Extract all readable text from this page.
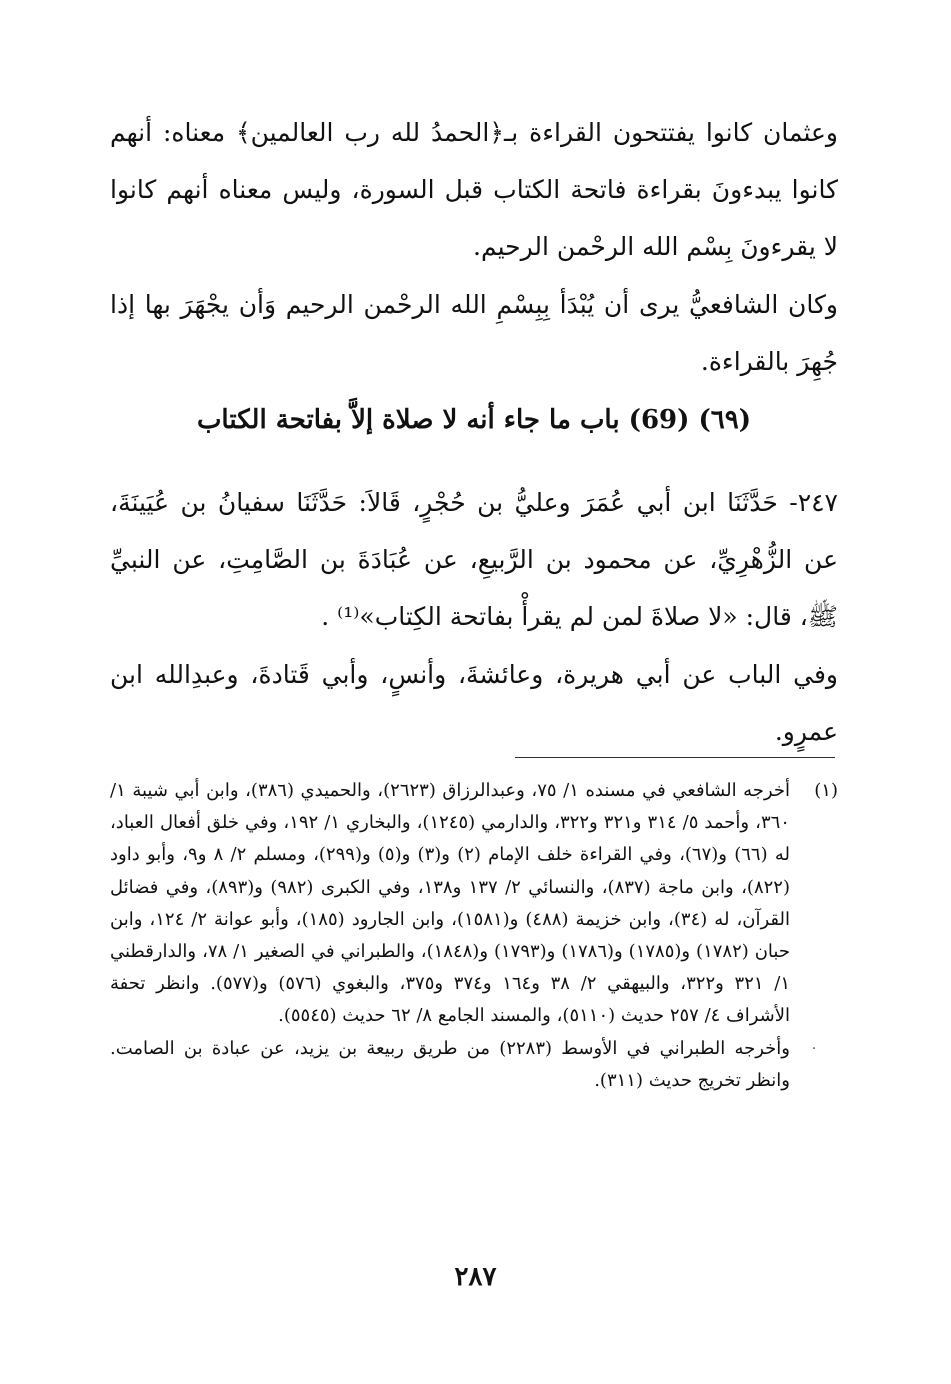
وعثمان كانوا يفتتحون القراءة بـ﴿الحمدُ لله رب العالمين﴾ معناه: أنهم كانوا يبدءونَ بقراءة فاتحة الكتاب قبل السورة، وليس معناه أنهم كانوا لا يقرءونَ بِسْم الله الرحْمن الرحيم.

وكان الشافعيُّ يرى أن يُبْدَأ بِبِسْمِ الله الرحْمن الرحيم وَأن يجْهَرَ بها إذا جُهِرَ بالقراءة.

(٦٩) (69) باب ما جاء أنه لا صلاة إلاَّ بفاتحة الكتاب

٢٤٧- حَدَّثَنَا ابن أبي عُمَرَ وعليُّ بن حُجْرٍ، قَالاَ: حَدَّثَنَا سفيانُ بن عُيَينَةَ، عن الزُّهْرِيِّ، عن محمود بن الرَّبيعِ، عن عُبَادَةَ بن الصَّامِتِ، عن النبيِّ ﷺ، قال: «لا صلاةَ لمن لم يقرأْ بفاتحة الكِتاب»⁽¹⁾ .

وفي الباب عن أبي هريرة، وعائشةَ، وأنسٍ، وأبي قَتادةَ، وعبدِالله ابن عمرٍو.

(١)
أخرجه الشافعي في مسنده ١/ ٧٥، وعبدالرزاق (٢٦٢٣)، والحميدي (٣٨٦)، وابن أبي شيبة ١/ ٣٦٠، وأحمد ٥/ ٣١٤ و٣٢١ و٣٢٢، والدارمي (١٢٤٥)، والبخاري ١/ ١٩٢، وفي خلق أفعال العباد، له (٦٦) و(٦٧)، وفي القراءة خلف الإمام (٢) و(٣) و(٥) و(٢٩٩)، ومسلم ٢/ ٨ و٩، وأبو داود (٨٢٢)، وابن ماجة (٨٣٧)، والنسائي ٢/ ١٣٧ و١٣٨، وفي الكبرى (٩٨٢) و(٨٩٣)، وفي فضائل القرآن، له (٣٤)، وابن خزيمة (٤٨٨) و(١٥٨١)، وابن الجارود (١٨٥)، وأبو عوانة ٢/ ١٢٤، وابن حبان (١٧٨٢) و(١٧٨٥) و(١٧٨٦) و(١٧٩٣) و(١٨٤٨)، والطبراني في الصغير ١/ ٧٨، والدارقطني ١/ ٣٢١ و٣٢٢، والبيهقي ٢/ ٣٨ و١٦٤ و٣٧٤ و٣٧٥، والبغوي (٥٧٦) و(٥٧٧). وانظر تحفة الأشراف ٤/ ٢٥٧ حديث (٥١١٠)، والمسند الجامع ٨/ ٦٢ حديث (٥٥٤٥).
·
وأخرجه الطبراني في الأوسط (٢٢٨٣) من طريق ربيعة بن يزيد، عن عبادة بن الصامت. وانظر تخريج حديث (٣١١).
٢٨٧
